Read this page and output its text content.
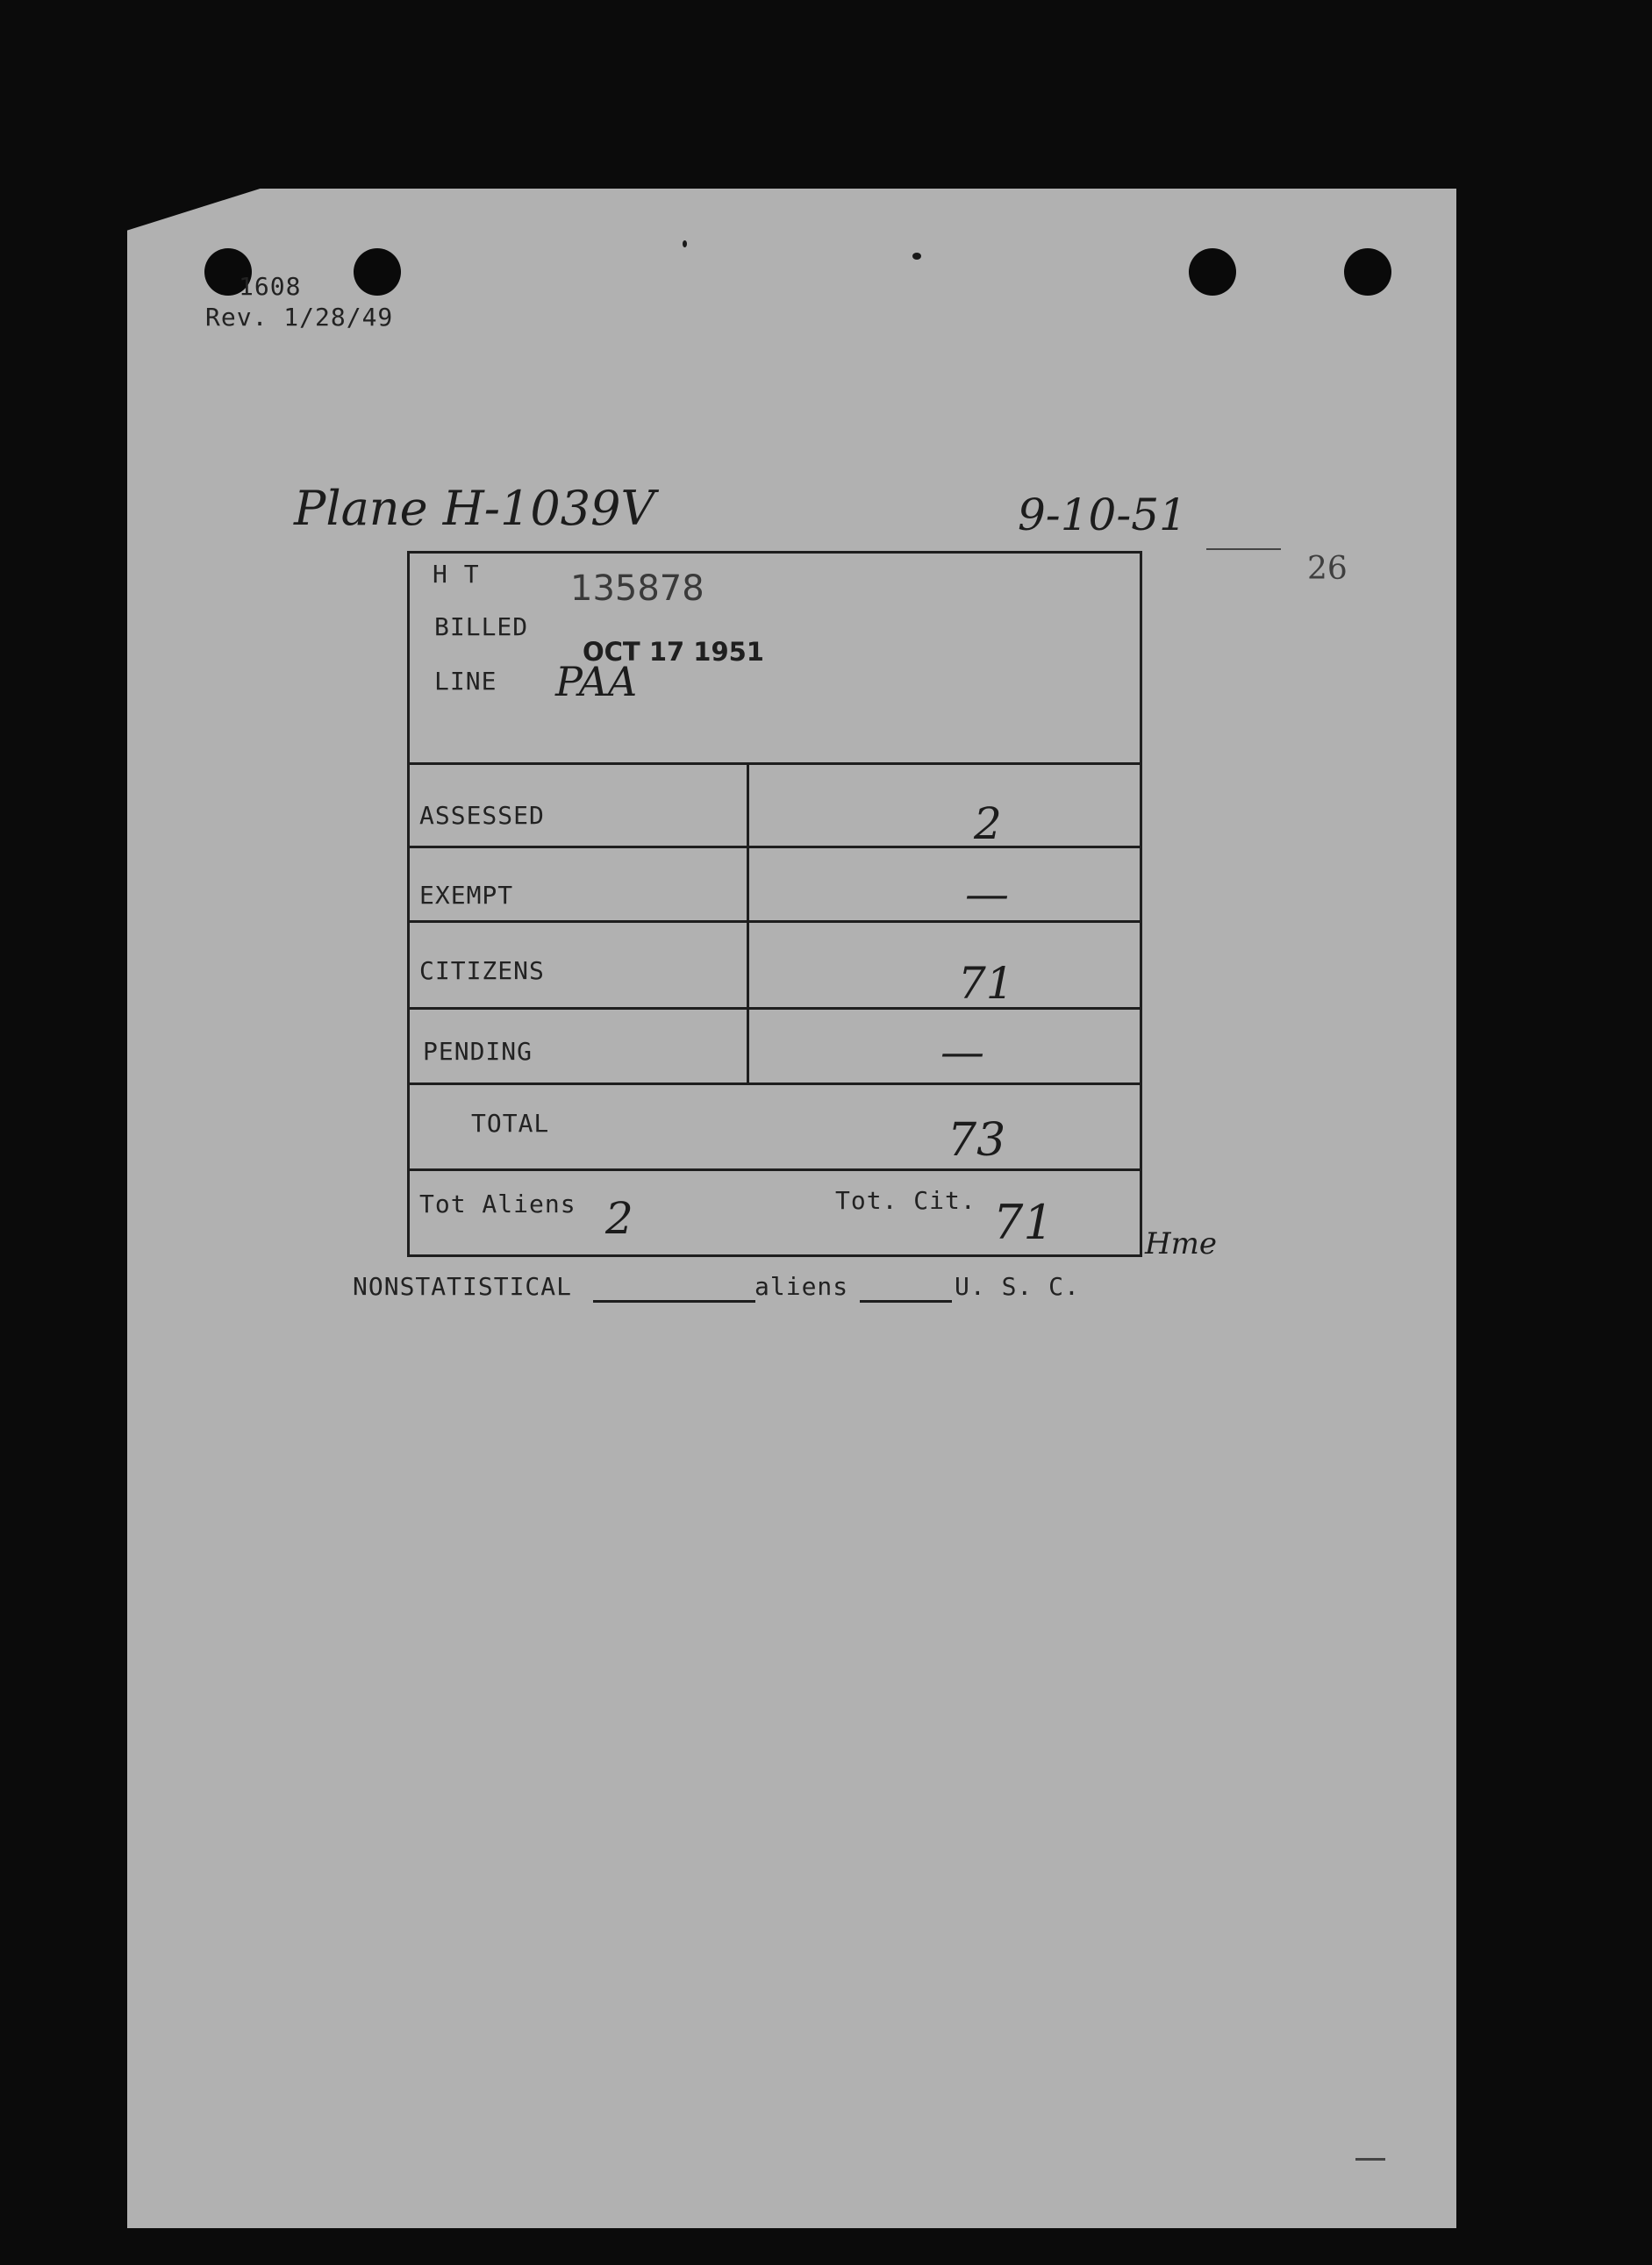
1608
Rev. 1/28/49
Plane H-1039V	9-10-51
26
H T	135878
BILLED
OCT 17 1951
LINE PAA
ASSESSED	2
EXEMPT	—
CITIZENS	71
PENDING	—
TOTAL	73
Tot Aliens 2	Tot. Cit. 71	Hme
NONSTATISTICAL	aliens	U. S. C.
